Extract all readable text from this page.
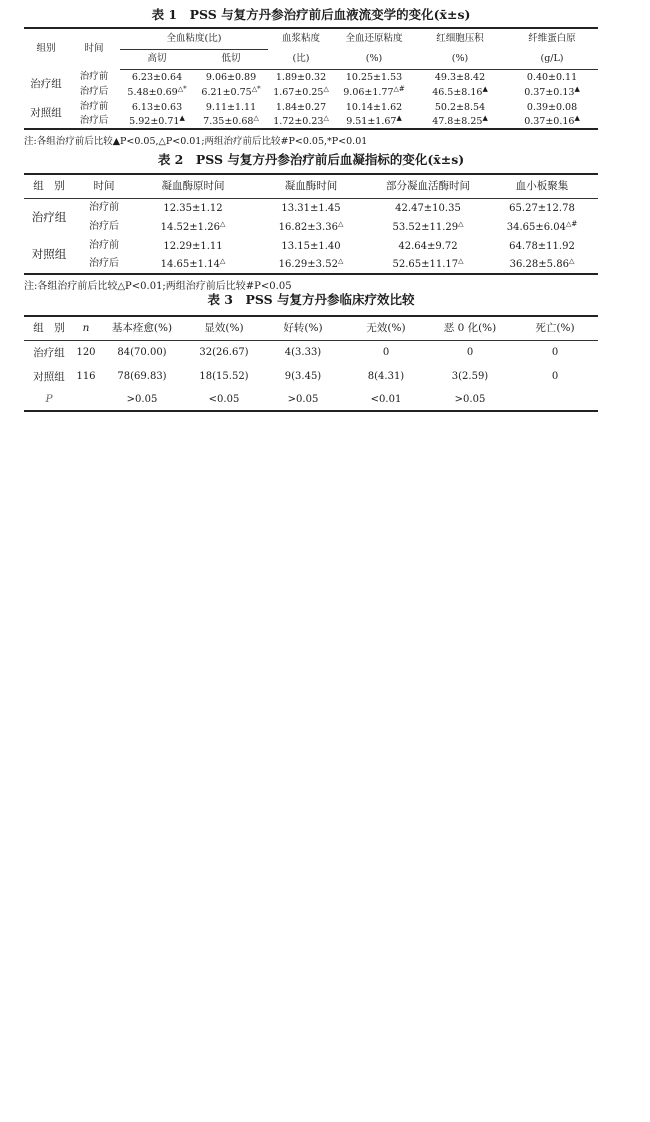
表 1　PSS 与复方丹参治疗前后血液流变学的变化(x̄±s)
组别	时间	全血粘度(比)		血浆粘度	全血还原粘度	红细胞压积	纤维蛋白原
		高切	低切	(比)	(%)	(%)	(g/L)
治疗组	治疗前	6.23±0.64	9.06±0.89	1.89±0.32	10.25±1.53	49.3±8.42	0.40±0.11
	治疗后	5.48±0.69△*	6.21±0.75△*	1.67±0.25△	9.06±1.77△#	46.5±8.16▲	0.37±0.13▲
对照组	治疗前	6.13±0.63	9.11±1.11	1.84±0.27	10.14±1.62	50.2±8.54	0.39±0.08
	治疗后	5.92±0.71▲	7.35±0.68△	1.72±0.23△	9.51±1.67▲	47.8±8.25▲	0.37±0.16▲
注:各组治疗前后比较▲P<0.05,△P<0.01;两组治疗前后比较#P<0.05,*P<0.01
表 2　PSS 与复方丹参治疗前后血凝指标的变化(x̄±s)
组　别	时间	凝血酶原时间	凝血酶时间	部分凝血活酶时间	血小板聚集
治疗组	治疗前	12.35±1.12	13.31±1.45	42.47±10.35	65.27±12.78
	治疗后	14.52±1.26△	16.82±3.36△	53.52±11.29△	34.65±6.04△#
对照组	治疗前	12.29±1.11	13.15±1.40	42.64±9.72	64.78±11.92
	治疗后	14.65±1.14△	16.29±3.52△	52.65±11.17△	36.28±5.86△
注:各组治疗前后比较△P<0.01;两组治疗前后比较#P<0.05
表 3　PSS 与复方丹参临床疗效比较
组　别	n	基本痊愈(%)	显效(%)	好转(%)	无效(%)	恶 0 化(%)	死亡(%)
治疗组	120	84(70.00)	32(26.67)	4(3.33)	0	0	0
对照组	116	78(69.83)	18(15.52)	9(3.45)	8(4.31)	3(2.59)	0
P		>0.05	<0.05	>0.05	<0.01	>0.05	
